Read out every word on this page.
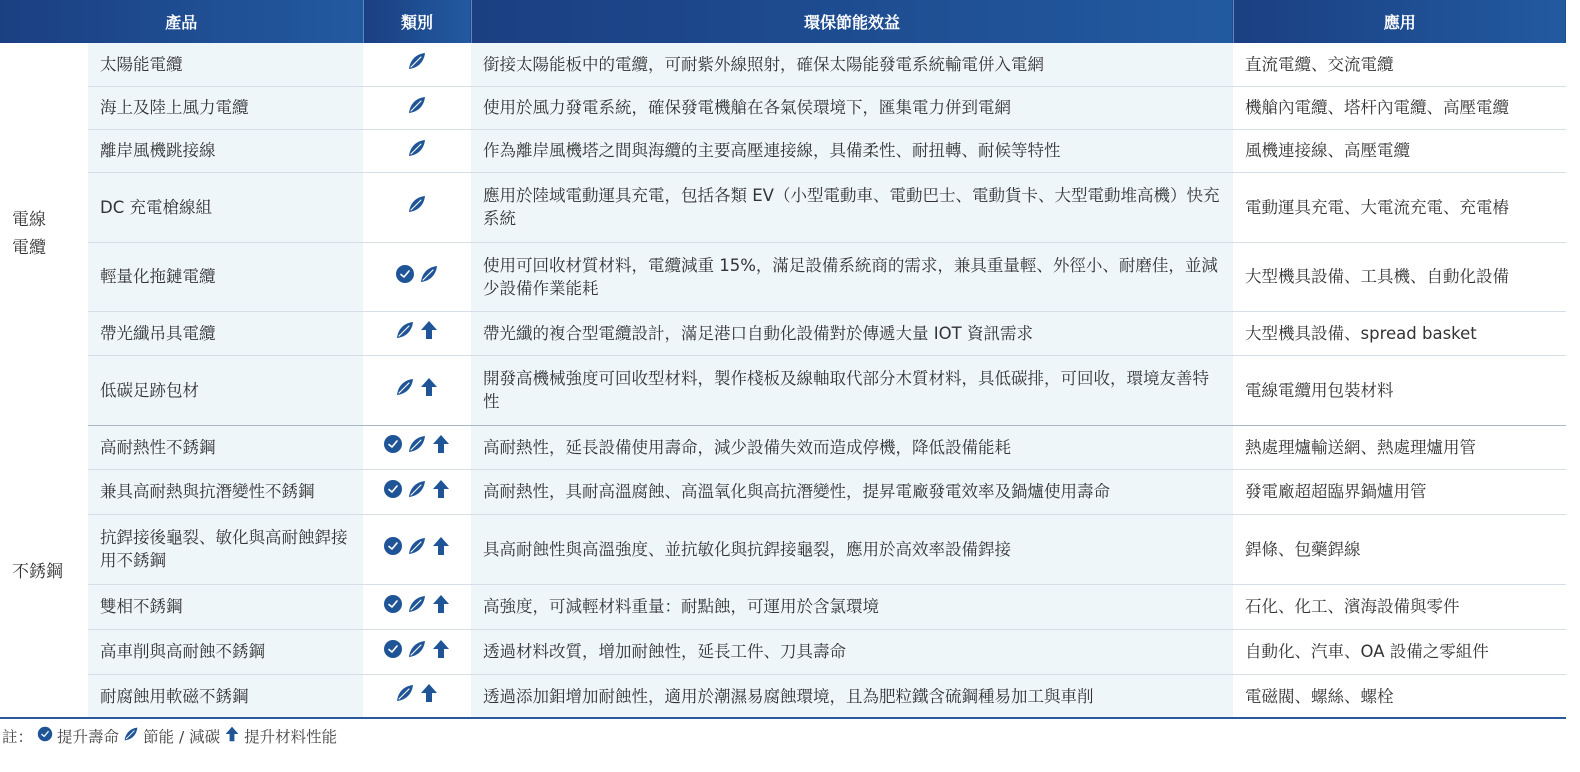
產品		類別	環保節能效益	應用
電線
電纜	太陽能電纜		銜接太陽能板中的電纜，可耐紫外線照射，確保太陽能發電系統輸電併入電網	直流電纜、交流電纜
	海上及陸上風力電纜		使用於風力發電系統，確保發電機艙在各氣侯環境下，匯集電力併到電網	機艙內電纜、塔杆內電纜、高壓電纜
	離岸風機跳接線		作為離岸風機塔之間與海纜的主要高壓連接線，具備柔性、耐扭轉、耐候等特性	風機連接線、高壓電纜
	DC 充電槍線組		應用於陸域電動運具充電，包括各類 EV（小型電動車、電動巴士、電動貨卡、大型電動堆高機）快充系統	電動運具充電、大電流充電、充電樁
	輕量化拖鏈電纜		使用可回收材質材料，電纜減重 15%，滿足設備系統商的需求，兼具重量輕、外徑小、耐磨佳，並減少設備作業能耗	大型機具設備、工具機、自動化設備
	帶光纖吊具電纜		帶光纖的複合型電纜設計，滿足港口自動化設備對於傳遞大量 IOT 資訊需求	大型機具設備、spread basket
	低碳足跡包材		開發高機械強度可回收型材料，製作棧板及線軸取代部分木質材料，具低碳排，可回收，環境友善特性	電線電纜用包裝材料
不銹鋼	高耐熱性不銹鋼		高耐熱性，延長設備使用壽命，減少設備失效而造成停機，降低設備能耗	熱處理爐輸送網、熱處理爐用管
	兼具高耐熱與抗潛變性不銹鋼		高耐熱性，具耐高溫腐蝕、高溫氧化與高抗潛變性，提昇電廠發電效率及鍋爐使用壽命	發電廠超超臨界鍋爐用管
	抗銲接後龜裂、敏化與高耐蝕銲接用不銹鋼		具高耐蝕性與高溫強度、並抗敏化與抗銲接龜裂，應用於高效率設備銲接	銲條、包藥銲線
	雙相不銹鋼		高強度，可減輕材料重量：耐點蝕，可運用於含氯環境	石化、化工、濱海設備與零件
	高車削與高耐蝕不銹鋼		透過材料改質，增加耐蝕性，延長工件、刀具壽命	自動化、汽車、OA 設備之零組件
	耐腐蝕用軟磁不銹鋼		透過添加鉬增加耐蝕性，適用於潮濕易腐蝕環境，且為肥粒鐵含硫鋼種易加工與車削	電磁閥、螺絲、螺栓
註： 提升壽命 節能 / 減碳 提升材料性能
